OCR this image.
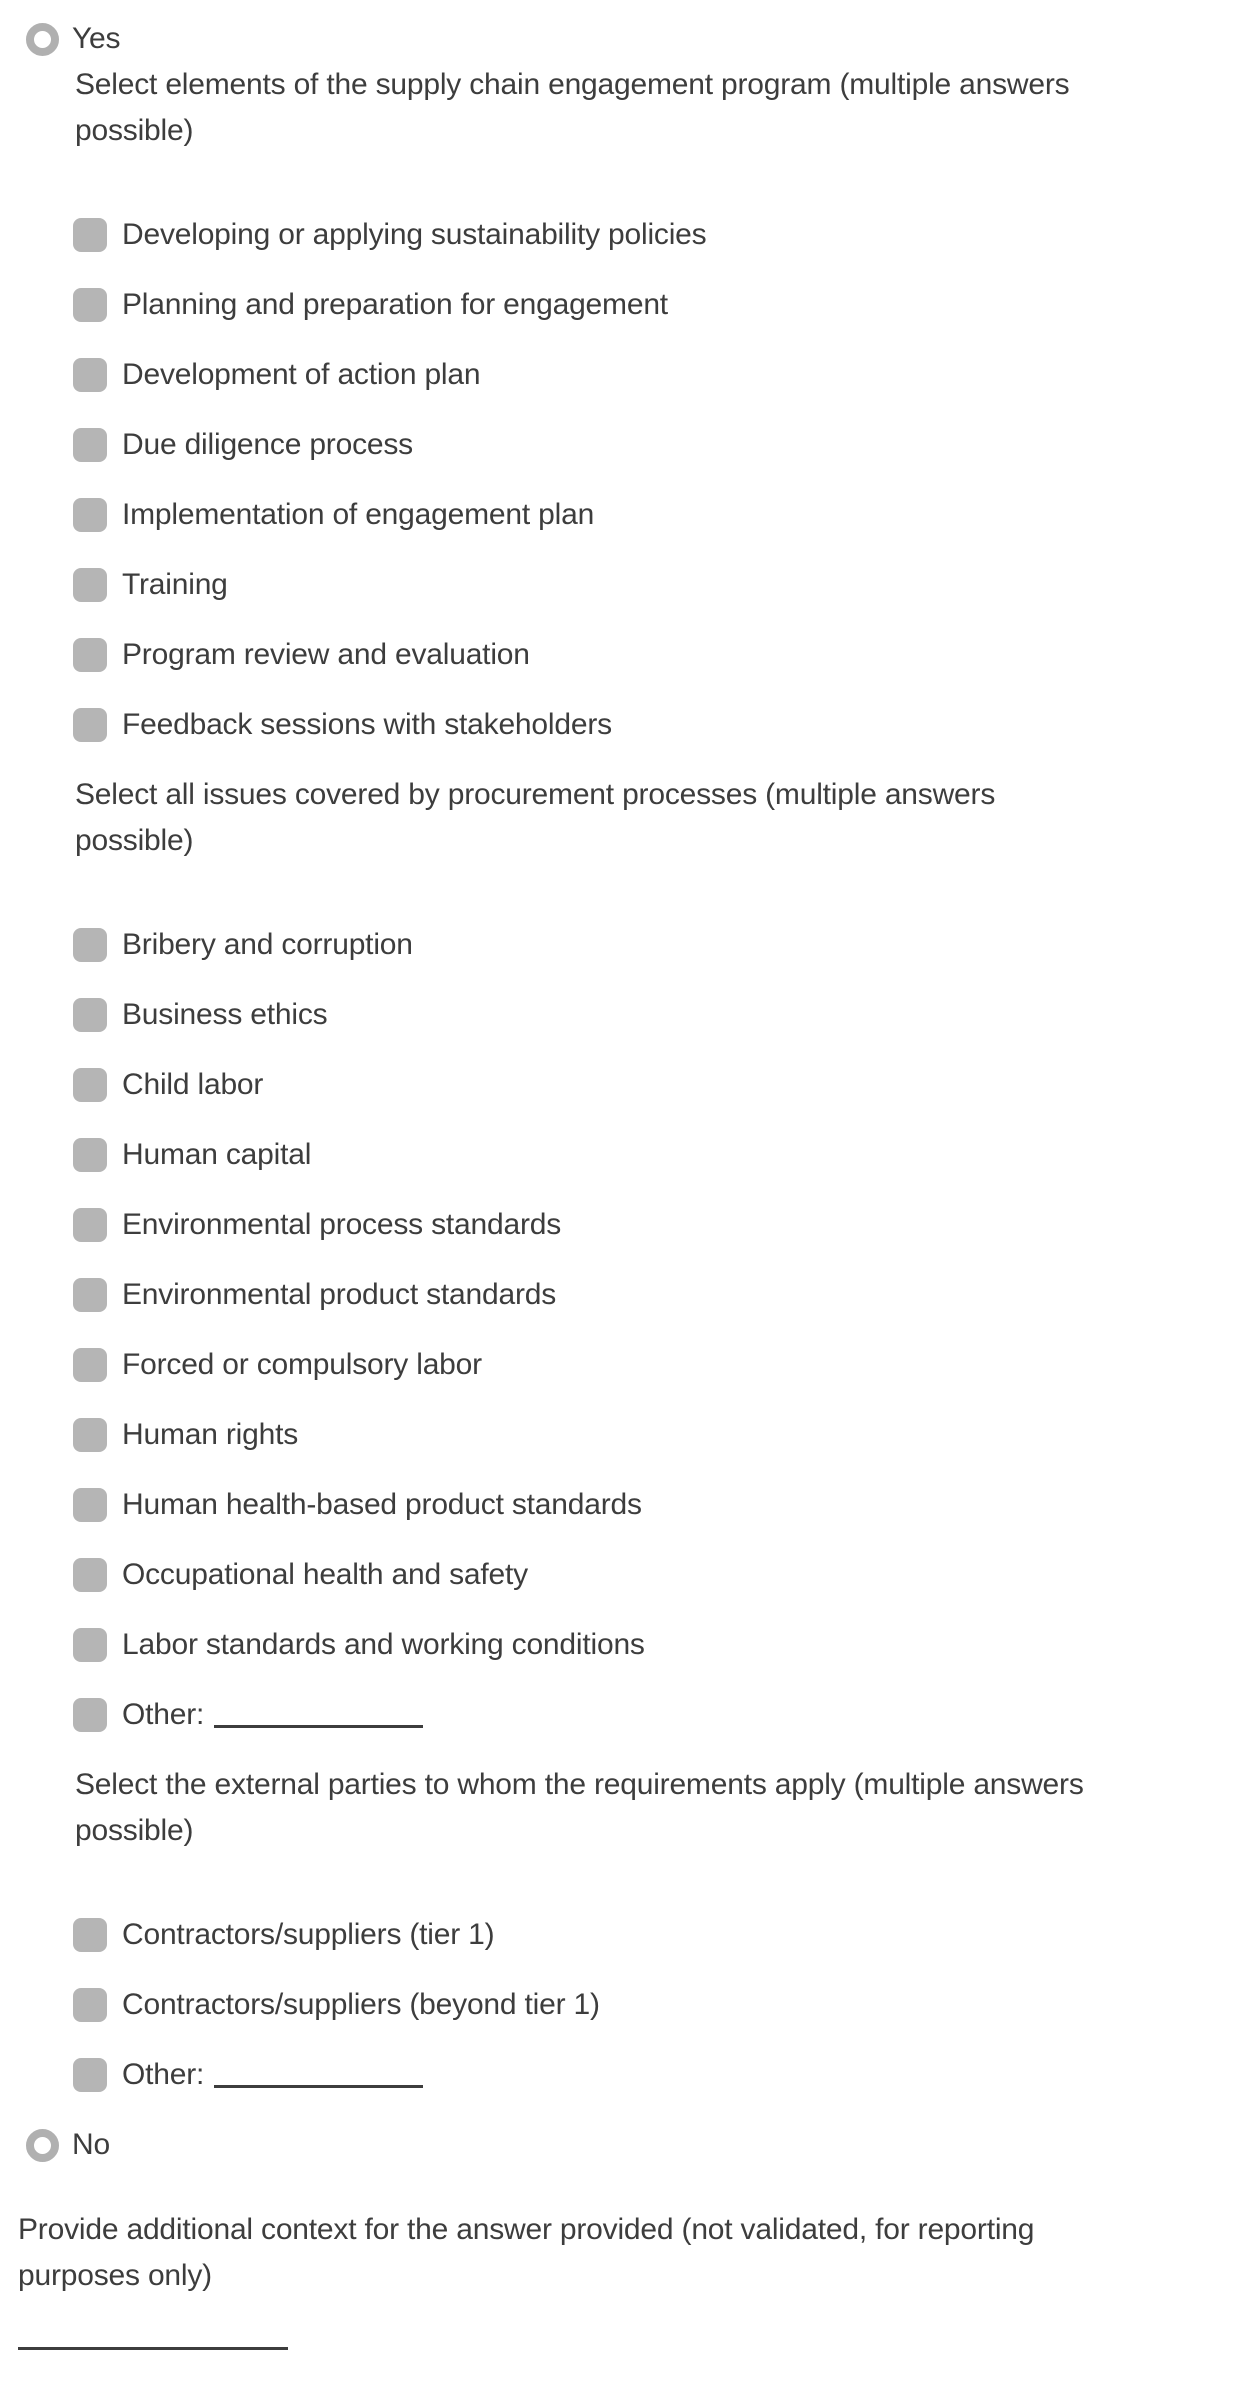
Yes
Select elements of the supply chain engagement program (multiple answers
possible)
Developing or applying sustainability policies
Planning and preparation for engagement
Development of action plan
Due diligence process
Implementation of engagement plan
Training
Program review and evaluation
Feedback sessions with stakeholders
Select all issues covered by procurement processes (multiple answers
possible)
Bribery and corruption
Business ethics
Child labor
Human capital
Environmental process standards
Environmental product standards
Forced or compulsory labor
Human rights
Human health-based product standards
Occupational health and safety
Labor standards and working conditions
Other:
Select the external parties to whom the requirements apply (multiple answers
possible)
Contractors/suppliers (tier 1)
Contractors/suppliers (beyond tier 1)
Other:
No
Provide additional context for the answer provided (not validated, for reporting
purposes only)
